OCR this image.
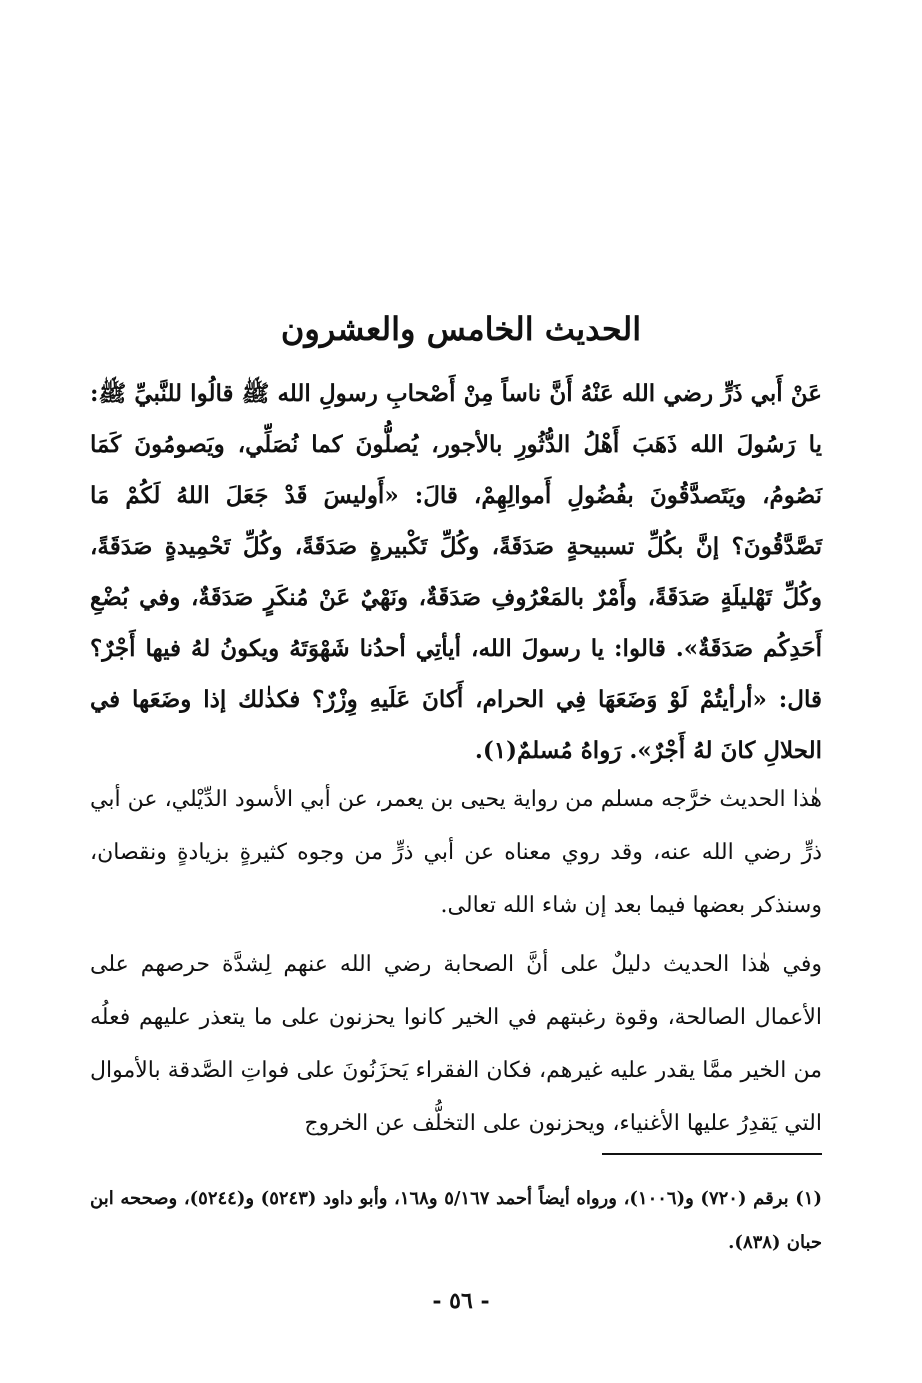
الحديث الخامس والعشرون

عَنْ أَبي ذَرٍّ رضي الله عَنْهُ أَنَّ ناساً مِنْ أَصْحابِ رسولِ الله ﷺ قالُوا للنَّبيِّ ﷺ: يا رَسُولَ الله ذَهَبَ أَهْلُ الدُّثُورِ بالأجور، يُصلُّونَ كما نُصَلِّي، ويَصومُونَ كَمَا نَصُومُ، ويَتَصدَّقُونَ بفُضُولِ أَموالِهِمْ، قالَ: «أَوليسَ قَدْ جَعَلَ اللهُ لَكُمْ مَا تَصَّدَّقُونَ؟ إنَّ بكُلِّ تسبيحةٍ صَدَقَةً، وكُلِّ تَكْبيرةٍ صَدَقَةً، وكُلِّ تَحْمِيدةٍ صَدَقَةً، وكُلِّ تَهْليلَةٍ صَدَقَةً، وأَمْرٌ بالمَعْرُوفِ صَدَقَةٌ، ونَهْيٌ عَنْ مُنكَرٍ صَدَقَةٌ، وفي بُضْعِ أَحَدِكُم صَدَقَةٌ». قالوا: يا رسولَ الله، أيأتِي أحدُنا شَهْوَتَهُ ويكونُ لهُ فيها أَجْرٌ؟ قال: «أرأيتُمْ لَوْ وَضَعَهَا فِي الحرام، أَكانَ عَلَيهِ وِزْرٌ؟ فكذٰلك إذا وضَعَها في الحلالِ كانَ لهُ أَجْرٌ». رَواهُ مُسلمٌ(١).

هٰذا الحديث خرَّجه مسلم من رواية يحيى بن يعمر، عن أبي الأسود الدِّيْلي، عن أبي ذرٍّ رضي الله عنه، وقد روي معناه عن أبي ذرٍّ من وجوه كثيرةٍ بزيادةٍ ونقصان، وسنذكر بعضها فيما بعد إن شاء الله تعالى.

وفي هٰذا الحديث دليلٌ على أنَّ الصحابة رضي الله عنهم لِشدَّة حرصهم على الأعمال الصالحة، وقوة رغبتهم في الخير كانوا يحزنون على ما يتعذر عليهم فعلُه من الخير ممَّا يقدر عليه غيرهم، فكان الفقراء يَحزَنُونَ على فواتِ الصَّدقة بالأموال التي يَقدِرُ عليها الأغنياء، ويحزنون على التخلُّف عن الخروج

(١) برقم (٧٢٠) و(١٠٠٦)، ورواه أيضاً أحمد ٥/١٦٧ و١٦٨، وأبو داود (٥٢٤٣) و(٥٢٤٤)، وصححه ابن حبان (٨٣٨).

- ٥٦ -
